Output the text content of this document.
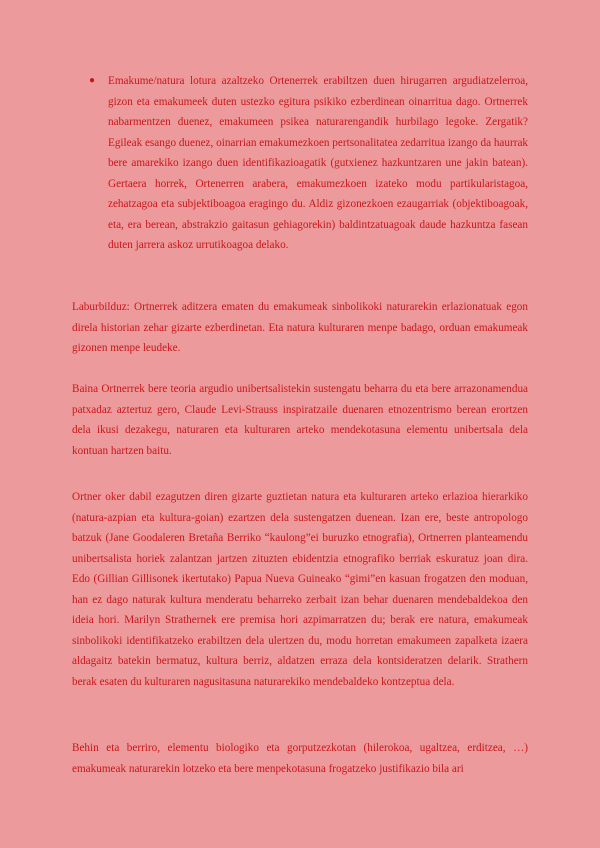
● Emakume/natura lotura azaltzeko Ortenerrek erabiltzen duen hirugarren argudiatzelerroa, gizon eta emakumeek duten ustezko egitura psikiko ezberdinean oinarritua dago. Ortnerrek nabarmentzen duenez, emakumeen psikea naturarengandik hurbilago legoke. Zergatik? Egileak esango duenez, oinarrian emakumezkoen pertsonalitatea zedarritua izango da haurrak bere amarekiko izango duen identifikazioagatik (gutxienez hazkuntzaren une jakin batean). Gertaera horrek, Ortenerren arabera, emakumezkoen izateko modu partikularistagoa, zehatzagoa eta subjektiboagoa eragingo du. Aldiz gizonezkoen ezaugarriak (objektiboagoak, eta, era berean, abstrakzio gaitasun gehiagorekin) baldintzatuagoak daude hazkuntza fasean duten jarrera askoz urrutikoagoa delako.

Laburbilduz: Ortnerrek aditzera ematen du emakumeak sinbolikoki naturarekin erlazionatuak egon direla historian zehar gizarte ezberdinetan. Eta natura kulturaren menpe badago, orduan emakumeak gizonen menpe leudeke.

Baina Ortnerrek bere teoria argudio unibertsalistekin sustengatu beharra du eta bere arrazonamendua patxadaz aztertuz gero, Claude Levi-Strauss inspiratzaile duenaren etnozentrismo berean erortzen dela ikusi dezakegu, naturaren eta kulturaren arteko mendekotasuna elementu unibertsala dela kontuan hartzen baitu.

Ortner oker dabil ezagutzen diren gizarte guztietan natura eta kulturaren arteko erlazioa hierarkiko (natura-azpian eta kultura-goian) ezartzen dela sustengatzen duenean. Izan ere, beste antropologo batzuk (Jane Goodaleren Bretaña Berriko “kaulong”ei buruzko etnografia), Ortnerren planteamendu unibertsalista horiek zalantzan jartzen zituzten ebidentzia etnografiko berriak eskuratuz joan dira. Edo (Gillian Gillisonek ikertutako) Papua Nueva Guineako “gimi”en kasuan frogatzen den moduan, han ez dago naturak kultura menderatu beharreko zerbait izan behar duenaren mendebaldekoa den ideia hori. Marilyn Strathernek ere premisa hori azpimarratzen du; berak ere natura, emakumeak sinbolikoki identifikatzeko erabiltzen dela ulertzen du, modu horretan emakumeen zapalketa izaera aldagaitz batekin bermatuz, kultura berriz, aldatzen erraza dela kontsideratzen delarik. Strathern berak esaten du kulturaren nagusitasuna naturarekiko mendebaldeko kontzeptua dela.

Behin eta berriro, elementu biologiko eta gorputzezkotan (hilerokoa, ugaltzea, erditzea, …) emakumeak naturarekin lotzeko eta bere menpekotasuna frogatzeko justifikazio bila ari
